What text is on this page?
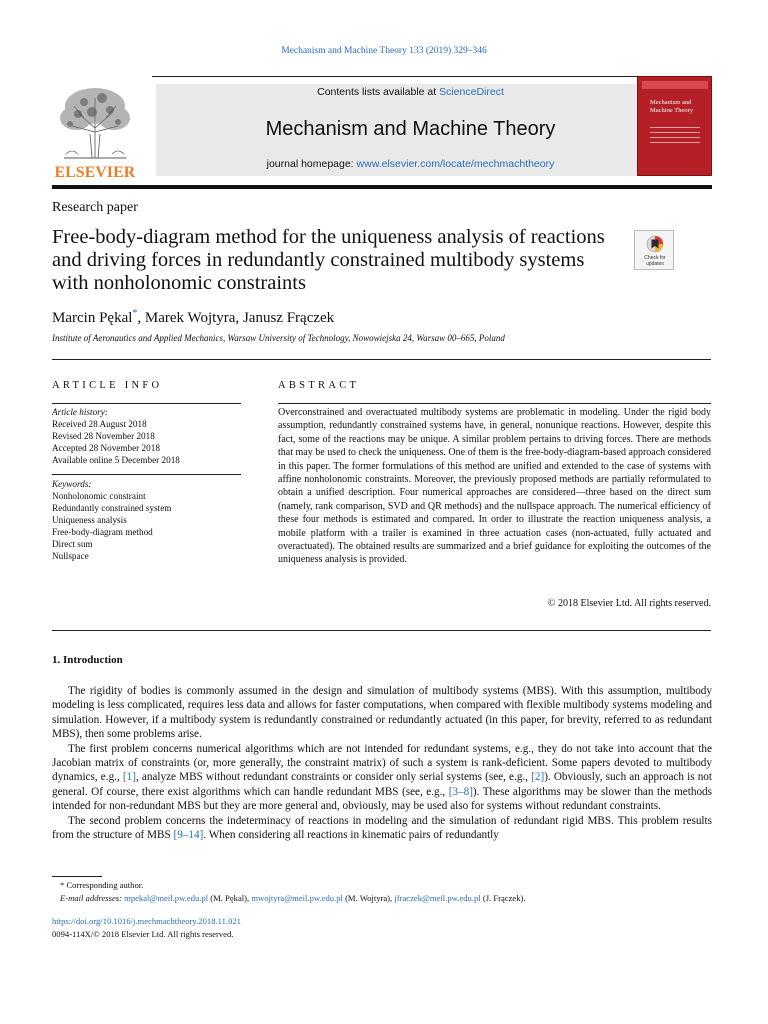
Mechanism and Machine Theory 133 (2019) 329–346
ELSEVIER
Contents lists available at ScienceDirect
Mechanism and Machine Theory
journal homepage: www.elsevier.com/locate/mechmachtheory
Mechanism and Machine Theory
Research paper
Free-body-diagram method for the uniqueness analysis of reactions and driving forces in redundantly constrained multibody systems with nonholonomic constraints
Check for updates
Marcin Pękal*, Marek Wojtyra, Janusz Frączek
Institute of Aeronautics and Applied Mechanics, Warsaw University of Technology, Nowowiejska 24, Warsaw 00–665, Poland
ARTICLE INFO
Article history:
Received 28 August 2018
Revised 28 November 2018
Accepted 28 November 2018
Available online 5 December 2018
Keywords:
Nonholonomic constraint
Redundantly constrained system
Uniqueness analysis
Free-body-diagram method
Direct sum
Nullspace
ABSTRACT
Overconstrained and overactuated multibody systems are problematic in modeling. Under the rigid body assumption, redundantly constrained systems have, in general, nonunique reactions. However, despite this fact, some of the reactions may be unique. A similar problem pertains to driving forces. There are methods that may be used to check the uniqueness. One of them is the free-body-diagram-based approach considered in this paper. The former formulations of this method are unified and extended to the case of systems with affine nonholonomic constraints. Moreover, the previously proposed methods are partially reformulated to obtain a unified description. Four numerical approaches are considered—three based on the direct sum (namely, rank comparison, SVD and QR methods) and the nullspace approach. The numerical efficiency of these four methods is estimated and compared. In order to illustrate the reaction uniqueness analysis, a mobile platform with a trailer is examined in three actuation cases (non-actuated, fully actuated and overactuated). The obtained results are summarized and a brief guidance for exploiting the outcomes of the uniqueness analysis is provided.
© 2018 Elsevier Ltd. All rights reserved.
1. Introduction

The rigidity of bodies is commonly assumed in the design and simulation of multibody systems (MBS). With this assumption, multibody modeling is less complicated, requires less data and allows for faster computations, when compared with flexible multibody systems modeling and simulation. However, if a multibody system is redundantly constrained or redundantly actuated (in this paper, for brevity, referred to as redundant MBS), then some problems arise.

The first problem concerns numerical algorithms which are not intended for redundant systems, e.g., they do not take into account that the Jacobian matrix of constraints (or, more generally, the constraint matrix) of such a system is rank-deficient. Some papers devoted to multibody dynamics, e.g., [1], analyze MBS without redundant constraints or consider only serial systems (see, e.g., [2]). Obviously, such an approach is not general. Of course, there exist algorithms which can handle redundant MBS (see, e.g., [3–8]). These algorithms may be slower than the methods intended for non-redundant MBS but they are more general and, obviously, may be used also for systems without redundant constraints.

The second problem concerns the indeterminacy of reactions in modeling and the simulation of redundant rigid MBS. This problem results from the structure of MBS [9–14]. When considering all reactions in kinematic pairs of redundantly

* Corresponding author.
E-mail addresses: mpekal@meil.pw.edu.pl (M. Pękal), mwojtyra@meil.pw.edu.pl (M. Wojtyra), jfraczek@meil.pw.edu.pl (J. Frączek).
https://doi.org/10.1016/j.mechmachtheory.2018.11.021
0094-114X/© 2018 Elsevier Ltd. All rights reserved.
